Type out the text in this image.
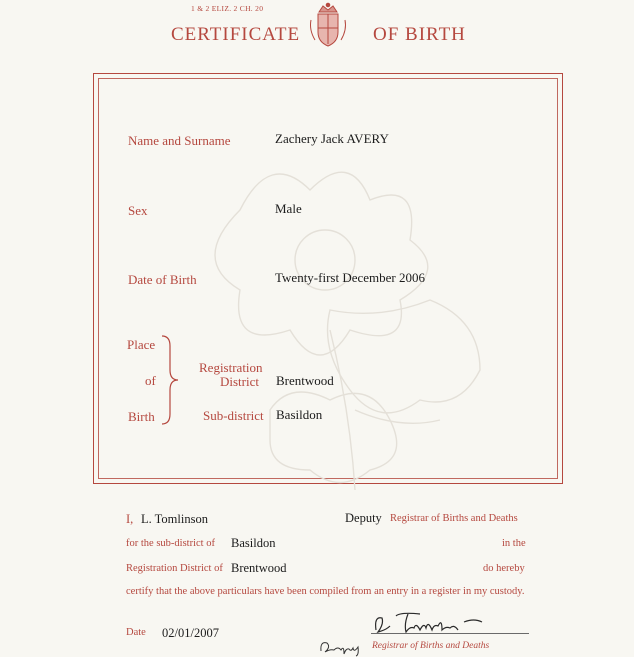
1 & 2 ELIZ. 2 CH. 20
CERTIFICATE	OF BIRTH
Name and Surname	Zachery Jack AVERY
Sex	Male
Date of Birth	Twenty-first December 2006
Place
of
Birth
Registration
District Brentwood
Sub-district Basildon
I, L. Tomlinson	Deputy Registrar of Births and Deaths
for the sub-district of Basildon	in the
Registration District of Brentwood	do hereby
certify that the above particulars have been compiled from an entry in a register in my custody.
Date 02/01/2007
Registrar of Births and Deaths
